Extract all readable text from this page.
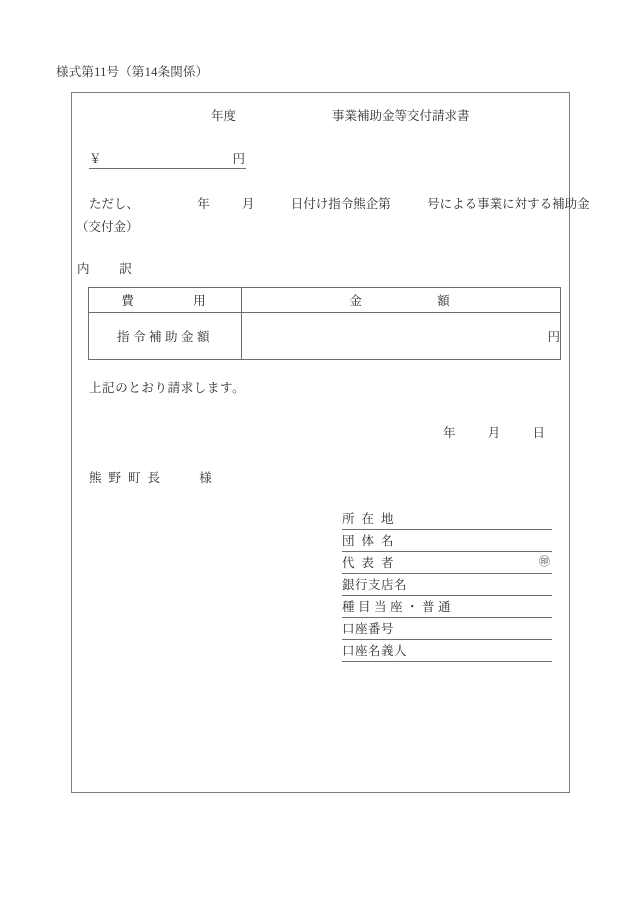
様式第11号（第14条関係）
年度	事業補助金等交付請求書
￥	円
ただし、	年	月	日付け指令熊企第	号による事業に対する補助金
（交付金）
内 訳
費 用	金 額
指令補助金額	円
上記のとおり請求します。
年	月	日
熊野町長	様
所在地
団体名
代表者	㊞
銀行支店名
種目当座・普通
口座番号
口座名義人
